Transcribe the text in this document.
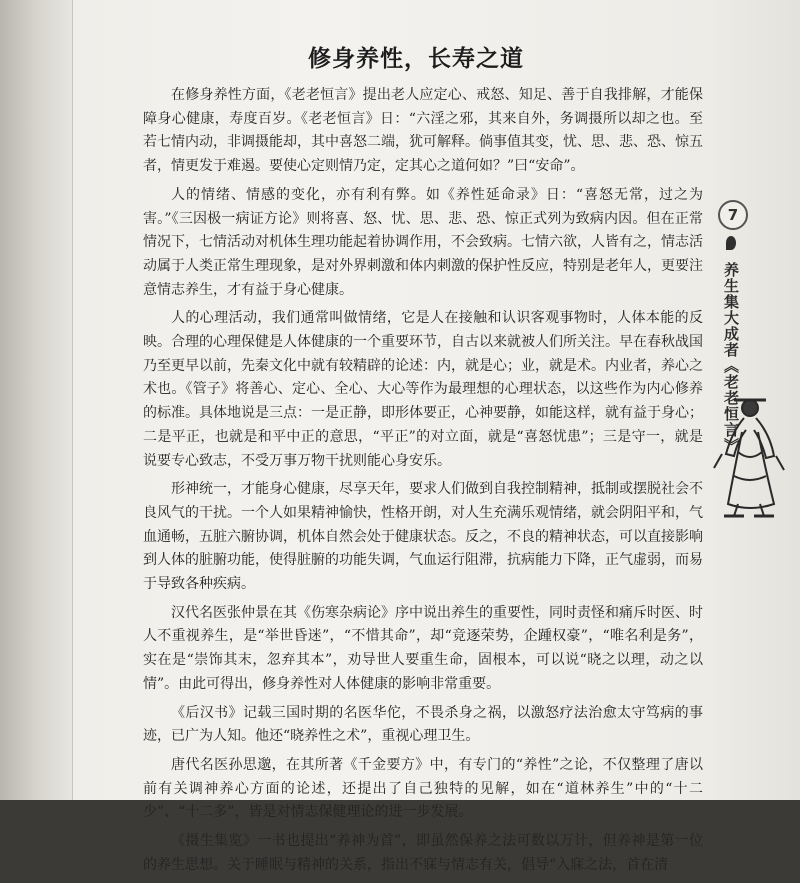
修身养性，长寿之道

在修身养性方面，《老老恒言》提出老人应定心、戒怒、知足、善于自我排解，才能保障身心健康，寿度百岁。《老老恒言》日：“六淫之邪，其来自外，务调摄所以却之也。至若七情内动，非调摄能却，其中喜怒二端，犹可解释。倘事值其变，忧、思、悲、恐、惊五者，情更发于难遏。要使心定则情乃定，定其心之道何如？”曰“安命”。

人的情绪、情感的变化，亦有利有弊。如《养性延命录》日：“喜怒无常，过之为害。”《三因极一病证方论》则将喜、怒、忧、思、悲、恐、惊正式列为致病内因。但在正常情况下，七情活动对机体生理功能起着协调作用，不会致病。七情六欲，人皆有之，情志活动属于人类正常生理现象，是对外界刺激和体内刺激的保护性反应，特别是老年人，更要注意情志养生，才有益于身心健康。

人的心理活动，我们通常叫做情绪，它是人在接触和认识客观事物时，人体本能的反映。合理的心理保健是人体健康的一个重要环节，自古以来就被人们所关注。早在春秋战国乃至更早以前，先秦文化中就有较精辟的论述：内，就是心；业，就是术。内业者，养心之术也。《管子》将善心、定心、全心、大心等作为最理想的心理状态，以这些作为内心修养的标准。具体地说是三点：一是正静，即形体要正，心神要静，如能这样，就有益于身心；二是平正，也就是和平中正的意思，“平正”的对立面，就是“喜怒忧患”；三是守一，就是说要专心致志，不受万事万物干扰则能心身安乐。

形神统一，才能身心健康，尽享天年，要求人们做到自我控制精神，抵制或摆脱社会不良风气的干扰。一个人如果精神愉快，性格开朗，对人生充满乐观情绪，就会阴阳平和，气血通畅，五脏六腑协调，机体自然会处于健康状态。反之，不良的精神状态，可以直接影响到人体的脏腑功能，使得脏腑的功能失调，气血运行阻滞，抗病能力下降，正气虚弱，而易于导致各种疾病。

汉代名医张仲景在其《伤寒杂病论》序中说出养生的重要性，同时责怪和痛斥时医、时人不重视养生，是“举世昏迷”，“不惜其命”，却“竞逐荣势，企踵权豪”，“唯名利是务”，实在是“崇饰其末，忽弃其本”，劝导世人要重生命，固根本，可以说“晓之以理，动之以情”。由此可得出，修身养性对人体健康的影响非常重要。

《后汉书》记载三国时期的名医华佗，不畏杀身之祸，以激怒疗法治愈太守笃病的事迹，已广为人知。他还“晓养性之术”，重视心理卫生。

唐代名医孙思邈，在其所著《千金要方》中，有专门的“养性”之论，不仅整理了唐以前有关调神养心方面的论述，还提出了自己独特的见解，如在“道林养生”中的“十二少”、“十二多”，皆是对情志保健理论的进一步发展。

《摄生集览》一书也提出“养神为首”，即虽然保养之法可数以万计，但养神是第一位的养生思想。关于睡眠与精神的关系，指出不寐与情志有关，倡导“入寐之法，首在清

7
养生集大成者《老老恒言》
